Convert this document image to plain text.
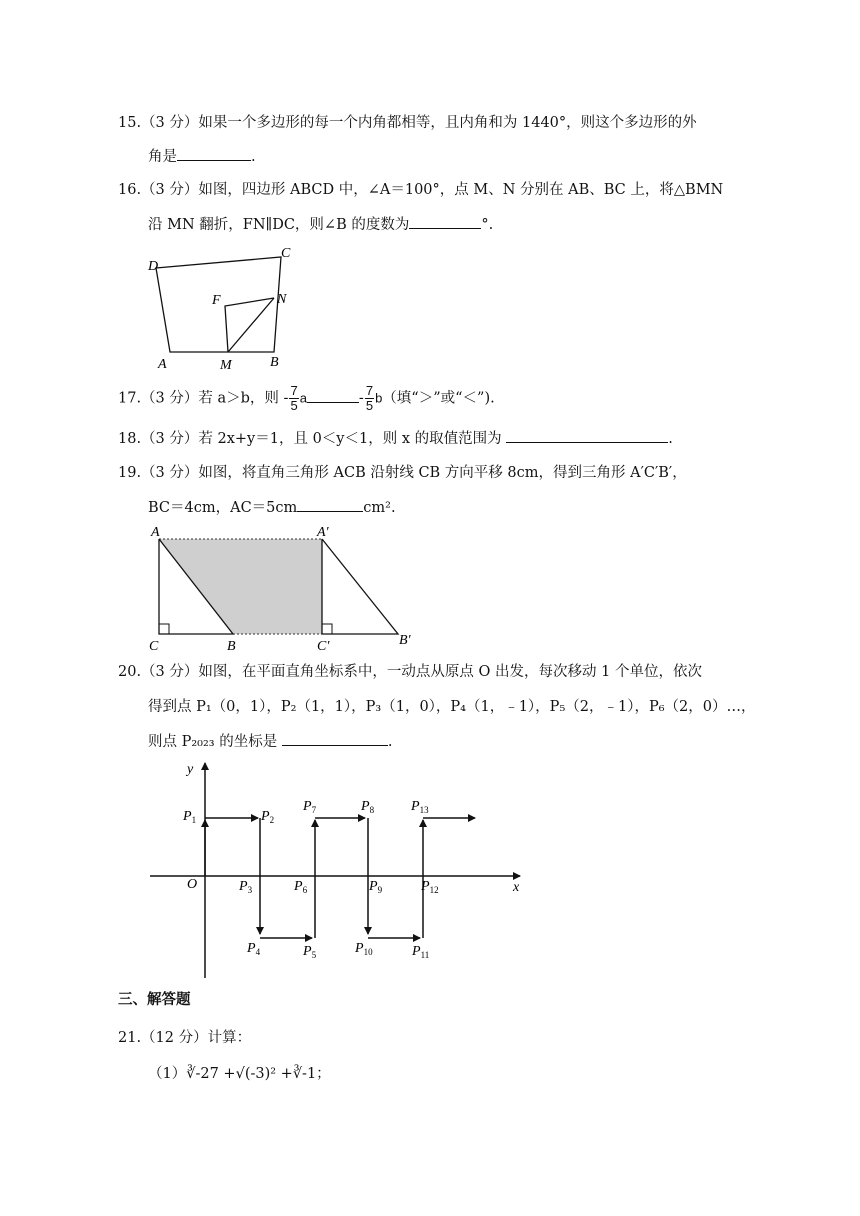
15.（3 分）如果一个多边形的每一个内角都相等，且内角和为 1440°，则这个多边形的外
角是	.
16.（3 分）如图，四边形 ABCD 中，∠A＝100°，点 M、N 分别在 AB、BC 上，将△BMN
沿 MN 翻折，FN∥DC，则∠B 的度数为	°.
D
C
F	N
A	M	B
17.（3 分）若 a＞b，则 - $\frac{7}{5}$ a	- $\frac{7}{5} b$（填“＞”或“＜”).
18.（3 分）若 2x+y＝1，且 0＜y＜1，则 x 的取值范围为	.
19.（3 分）如图，将直角三角形 ACB 沿射线 CB 方向平移 8cm，得到三角形 A′C′B′，
BC＝4cm，AC＝5cm	cm².
A	A′
C	B	C′	B′
20.（3 分）如图，在平面直角坐标系中，一动点从原点 O 出发，每次移动 1 个单位，依次
得到点 P₁（0，1），P₂（1，1），P₃（1，0），P₄（1，﹣1），P₅（2，﹣1），P₆（2，0）…，
则点 P₂₀₂₃ 的坐标是	.
y
x
O
$P_1$	$P_2$
$P_3$
$P_4$	$P_5$
$P_6$
$P_7$	$P_8$
$P_9$
$P_{10}$	$P_{11}$
$P_{12}$
$P_{13}$
三、解答题
21.（12 分）计算：
（1）∛-27 +√(-3)² +∛-1；
